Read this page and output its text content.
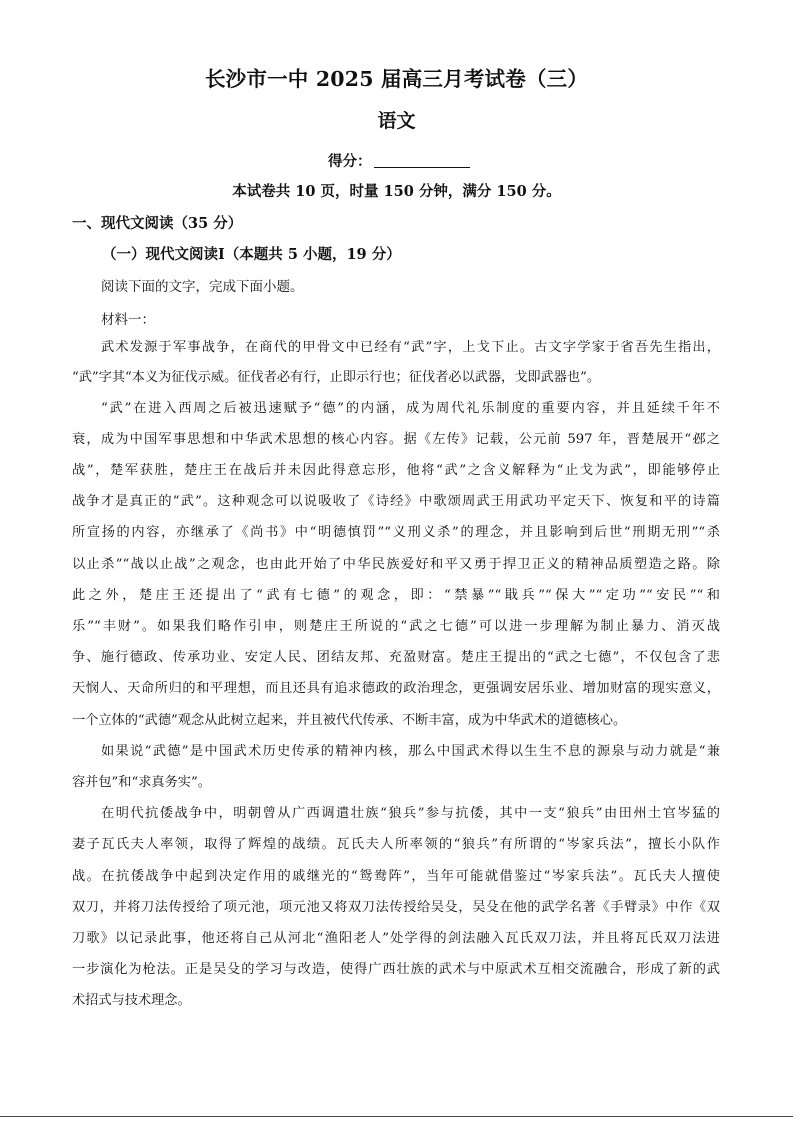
长沙市一中 2025 届高三月考试卷（三）
语文
得分：
本试卷共 10 页，时量 150 分钟，满分 150 分。
一、现代文阅读（35 分）
（一）现代文阅读Ⅰ（本题共 5 小题，19 分）
阅读下面的文字，完成下面小题。
材料一：
武术发源于军事战争，在商代的甲骨文中已经有“武”字，上戈下止。古文字学家于省吾先生指出，
“武”字其“本义为征伐示威。征伐者必有行，止即示行也；征伐者必以武器，戈即武器也”。
“武”在进入西周之后被迅速赋予“德”的内涵，成为周代礼乐制度的重要内容，并且延续千年不
衰，成为中国军事思想和中华武术思想的核心内容。据《左传》记载，公元前 597 年，晋楚展开“邲之
战”，楚军获胜，楚庄王在战后并未因此得意忘形，他将“武”之含义解释为“止戈为武”，即能够停止
战争才是真正的“武”。这种观念可以说吸收了《诗经》中歌颂周武王用武功平定天下、恢复和平的诗篇
所宣扬的内容，亦继承了《尚书》中“明德慎罚”“义刑义杀”的理念，并且影响到后世“刑期无刑”“杀
以止杀”“战以止战”之观念，也由此开始了中华民族爱好和平又勇于捍卫正义的精神品质塑造之路。除
此之外，楚庄王还提出了“武有七德”的观念，即：“禁暴”“戢兵”“保大”“定功”“安民”“和
乐”“丰财”。如果我们略作引申，则楚庄王所说的“武之七德”可以进一步理解为制止暴力、消灭战
争、施行德政、传承功业、安定人民、团结友邦、充盈财富。楚庄王提出的“武之七德”，不仅包含了悲
天悯人、天命所归的和平理想，而且还具有追求德政的政治理念，更强调安居乐业、增加财富的现实意义，
一个立体的“武德”观念从此树立起来，并且被代代传承、不断丰富，成为中华武术的道德核心。
如果说“武德”是中国武术历史传承的精神内核，那么中国武术得以生生不息的源泉与动力就是“兼
容并包”和“求真务实”。
在明代抗倭战争中，明朝曾从广西调遣壮族“狼兵”参与抗倭，其中一支“狼兵”由田州土官岑猛的
妻子瓦氏夫人率领，取得了辉煌的战绩。瓦氏夫人所率领的“狼兵”有所谓的“岑家兵法”，擅长小队作
战。在抗倭战争中起到决定作用的戚继光的“鸳鸯阵”，当年可能就借鉴过“岑家兵法”。瓦氏夫人擅使
双刀，并将刀法传授给了项元池，项元池又将双刀法传授给吴殳，吴殳在他的武学名著《手臂录》中作《双
刀歌》以记录此事，他还将自己从河北“渔阳老人”处学得的剑法融入瓦氏双刀法，并且将瓦氏双刀法进
一步演化为枪法。正是吴殳的学习与改造，使得广西壮族的武术与中原武术互相交流融合，形成了新的武
术招式与技术理念。
